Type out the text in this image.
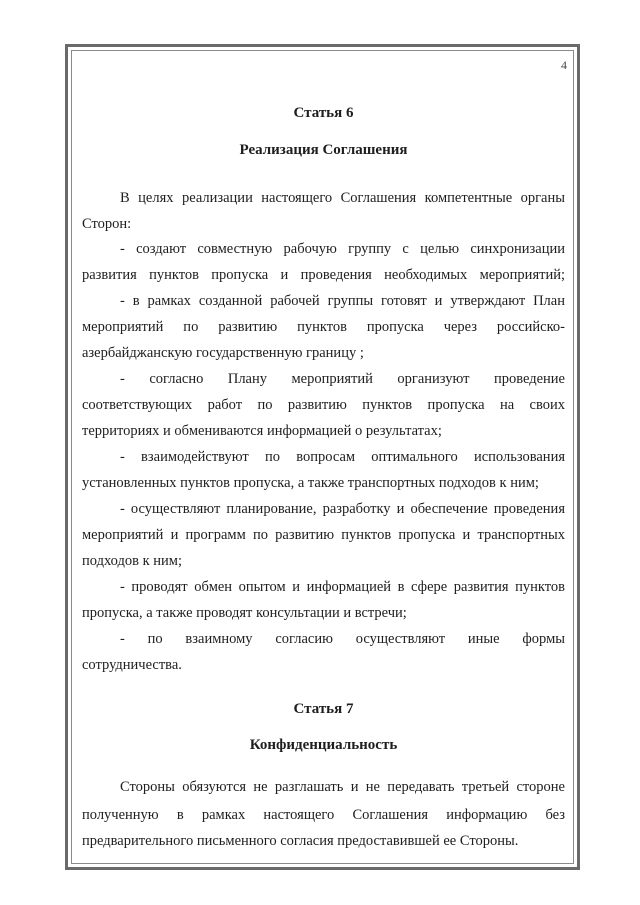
4
Статья 6
Реализация Соглашения
В целях реализации настоящего Соглашения компетентные органы
Сторон:
- создают совместную рабочую группу с целью синхронизации
развития пунктов пропуска и проведения необходимых мероприятий;
- в рамках созданной рабочей группы готовят и утверждают План
мероприятий по развитию пунктов пропуска через российско-
азербайджанскую государственную границу ;
- согласно Плану мероприятий организуют проведение
соответствующих работ по развитию пунктов пропуска на своих
территориях и обмениваются информацией о результатах;
- взаимодействуют по вопросам оптимального использования
установленных пунктов пропуска, а также транспортных подходов к ним;
- осуществляют планирование, разработку и обеспечение проведения
мероприятий и программ по развитию пунктов пропуска и транспортных
подходов к ним;
- проводят обмен опытом и информацией в сфере развития пунктов
пропуска, а также проводят консультации и встречи;
- по взаимному согласию осуществляют иные формы
сотрудничества.
Статья 7
Конфиденциальность
Стороны обязуются не разглашать и не передавать третьей стороне
полученную в рамках настоящего Соглашения информацию без
предварительного письменного согласия предоставившей ее Стороны.
